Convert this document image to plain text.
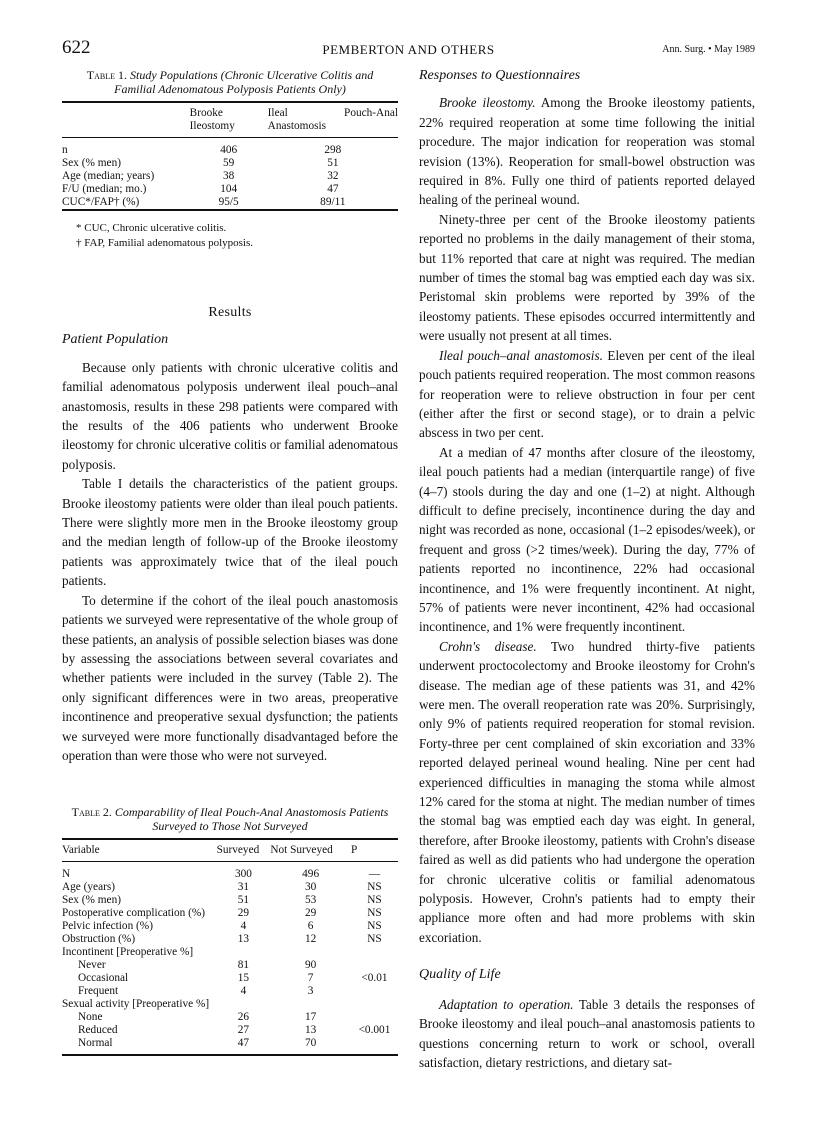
622	PEMBERTON AND OTHERS	Ann. Surg. • May 1989
Table 1. Study Populations (Chronic Ulcerative Colitis and Familial Adenomatous Polyposis Patients Only)
	Brooke Ileostomy	Ileal Pouch-Anal Anastomosis
n	406	298
Sex (% men)	59	51
Age (median; years)	38	32
F/U (median; mo.)	104	47
CUC*/FAP† (%)	95/5	89/11
* CUC, Chronic ulcerative colitis.
† FAP, Familial adenomatous polyposis.
Results
Patient Population

Because only patients with chronic ulcerative colitis and familial adenomatous polyposis underwent ileal pouch–anal anastomosis, results in these 298 patients were compared with the results of the 406 patients who underwent Brooke ileostomy for chronic ulcerative colitis or familial adenomatous polyposis.

Table I details the characteristics of the patient groups. Brooke ileostomy patients were older than ileal pouch patients. There were slightly more men in the Brooke ileostomy group and the median length of follow-up of the Brooke ileostomy patients was approximately twice that of the ileal pouch patients.

To determine if the cohort of the ileal pouch anastomosis patients we surveyed were representative of the whole group of these patients, an analysis of possible selection biases was done by assessing the associations between several covariates and whether patients were included in the survey (Table 2). The only significant differences were in two areas, preoperative incontinence and preoperative sexual dysfunction; the patients we surveyed were more functionally disadvantaged before the operation than were those who were not surveyed.

Table 2. Comparability of Ileal Pouch-Anal Anastomosis Patients Surveyed to Those Not Surveyed
Variable	Surveyed	Not Surveyed	P
N	300	496	—
Age (years)	31	30	NS
Sex (% men)	51	53	NS
Postoperative complication (%)	29	29	NS
Pelvic infection (%)	4	6	NS
Obstruction (%)	13	12	NS
Incontinent [Preoperative %]			
Never	81	90	
Occasional	15	7	<0.01
Frequent	4	3	
Sexual activity [Preoperative %]			
None	26	17	
Reduced	27	13	<0.001
Normal	47	70	
Responses to Questionnaires

Brooke ileostomy. Among the Brooke ileostomy patients, 22% required reoperation at some time following the initial procedure. The major indication for reoperation was stomal revision (13%). Reoperation for small-bowel obstruction was required in 8%. Fully one third of patients reported delayed healing of the perineal wound.

Ninety-three per cent of the Brooke ileostomy patients reported no problems in the daily management of their stoma, but 11% reported that care at night was required. The median number of times the stomal bag was emptied each day was six. Peristomal skin problems were reported by 39% of the ileostomy patients. These episodes occurred intermittently and were usually not present at all times.

Ileal pouch–anal anastomosis. Eleven per cent of the ileal pouch patients required reoperation. The most common reasons for reoperation were to relieve obstruction in four per cent (either after the first or second stage), or to drain a pelvic abscess in two per cent.

At a median of 47 months after closure of the ileostomy, ileal pouch patients had a median (interquartile range) of five (4–7) stools during the day and one (1–2) at night. Although difficult to define precisely, incontinence during the day and night was recorded as none, occasional (1–2 episodes/week), or frequent and gross (>2 times/week). During the day, 77% of patients reported no incontinence, 22% had occasional incontinence, and 1% were frequently incontinent. At night, 57% of patients were never incontinent, 42% had occasional incontinence, and 1% were frequently incontinent.

Crohn's disease. Two hundred thirty-five patients underwent proctocolectomy and Brooke ileostomy for Crohn's disease. The median age of these patients was 31, and 42% were men. The overall reoperation rate was 20%. Surprisingly, only 9% of patients required reoperation for stomal revision. Forty-three per cent complained of skin excoriation and 33% reported delayed perineal wound healing. Nine per cent had experienced difficulties in managing the stoma while almost 12% cared for the stoma at night. The median number of times the stomal bag was emptied each day was eight. In general, therefore, after Brooke ileostomy, patients with Crohn's disease faired as well as did patients who had undergone the operation for chronic ulcerative colitis or familial adenomatous polyposis. However, Crohn's patients had to empty their appliance more often and had more problems with skin excoriation.

Quality of Life

Adaptation to operation. Table 3 details the responses of Brooke ileostomy and ileal pouch–anal anastomosis patients to questions concerning return to work or school, overall satisfaction, dietary restrictions, and dietary sat-
